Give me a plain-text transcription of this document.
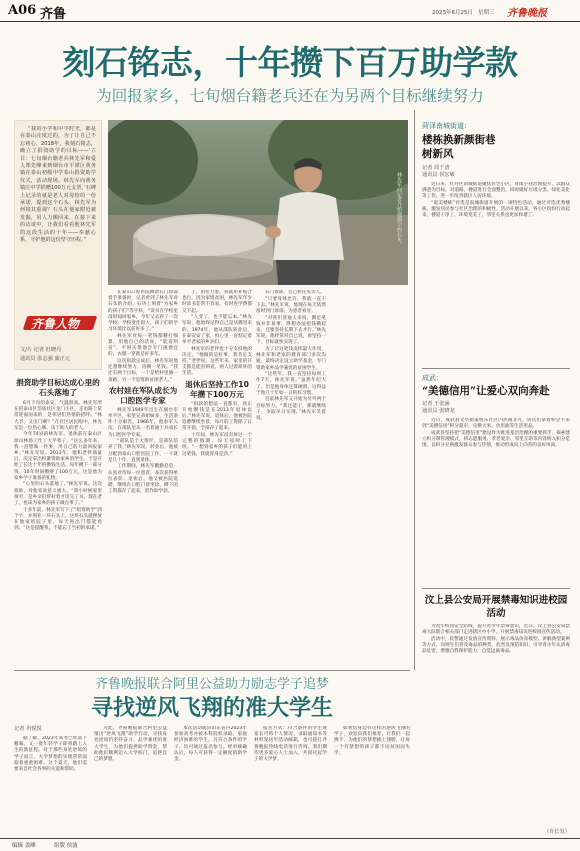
A06 齐鲁	2023年6月25日 星期三 齐鲁晚报
刻石铭志，十年攒下百万助学款
为回报家乡，七旬烟台籍老兵还在为另两个目标继续努力
“我的小学和中学时光，都是在泰山庄度过的，为了让自己不忘初心，2018年，我刻石铭志，确立了捐资助学的目标——‘立目：七旬烟台籍老兵林先军和爱人郑先峰来到烟台市平潭区黄务镇在泰山初级中学泰山捐资助学仪式，活动现场，林先军向黄务镇庄中学捐赠100万元支票。’石碑上记录的就是老人对母校的一份承诺，提到这个石头，林先军为何将其重视？石头在他家附近被发掘，用人力搬回来。在接下来的访谈中，让我们看看他林先军的这段生活的十年——奉献心系，守护他的这份坚守历程。”
齐鲁人物
文/片 记者 杜晓丹
通讯员 张志强 蒲正元
林先军向记者介绍他刻字的石头。
捐资助学目标达成心里的石头落地了

6月下旬的泰安，气温很高。林先军所在的泰山区岱庙社区龙门小区，走访路上常常迎面而来的，是邻居们热情的招呼。“林大爷，又出门啊？”在社区居民眼中，林先军是一位热心肠、乐于助人的老人。

今年74岁的林先军，退休前在泰山区原山林场工作了大半辈子。“这么多年来，我一直想做一件事，用自己的力量回报家乡。”林先军说。2013年，他和老伴商量后，决定拿出积蓄资助家乡的学生，于是开始了长达十年的攒钱生活。每年攒下一部分钱，10年时间攒够了100万元，这是他为家乡学子准备的礼物。

“心里的石头落地了。”林先军说。这次捐助，对他来说意义重大。“我小时候家里很穷，是乡亲们帮衬着才读完了书。现在老了，也该为家乡的孩子做点事了。”

十多年前，林先军写下了“捐资助学”四个字，并刻在一块石头上。这块石头就摆放在他家的院子里，每天进出门都能看到。“这是提醒我，不能忘了当初的承诺。”

在泰山口腔医院攒款石门诊部着手准备时，记者看到了林先军对石头的介绍，石块上刻着“为家乡的孩子们”等字样，“读书在学校里没时间回家乡，今年又去看了一次学校，学校变化很大，孩子们的学习环境比以前好多了。”

林先军对每一笔钱都精打细算，用他自己的话说，“能省则省”。平时买菜他会专门挑便宜的，衣服一穿就是好多年。

这次捐款完成后，林先军说他还想继续努力，再攒一笔钱。“我还有两个目标，一个是给村里修一条路，另一个是资助贫困老人。”

农村娃在军队成长为口腔医学专家

林先军1949年出生在烟台市牟平区，家里兄弟姐妹多，生活条件十分艰苦。1966年，他参军入伍，在部队里从一名普通士兵成长为口腔医学专家。

“部队是个大熔炉，是部队培养了我。”林先军说。转业后，他被分配到泰山口腔医院工作，一干就是几十年，直到退休。

工作期间，林先军勤勤恳恳，认真对待每一位患者，多次获得单位表彰。退休后，他又被医院返聘，继续在口腔门诊坐诊，攒下的工资都存了起来，留作助学款。

子，由往力参，我就用补贴合也行。因为家境贫困，林先军年少时读书非常不容易，有时连学费都交不起。

“人变了，也不能忘本。”林先军说，他始终记得自己是从哪里来的。1974年，他从部队转业后，在泰安安了家，但心里一直惦记着牟平老家的乡亲们。

林先军的老伴也十分支持他的决定。“他做的是好事，我肯定支持。”老伴说，这些年来，家里的开支都是能省则省，两人过着简朴的生活。

退休后坚持工作10年攒下100万元

“捐款的想法一直都有，真正开始攒钱是在2013年退休以后。”林先军说。退休后，他被医院返聘继续坐诊，每月的工资除了日常开销，全部存了起来。

十年间，林先军没有休过一个完整的假期，每天按时上下班。“一想到家乡的孩子们能用上这笔钱，我就浑身是劲。”

石门诊部，自己担任负责人。

“只要身体允许，我就一直干下去。”林先军说，他现在每天依然准时到门诊部，为患者看牙。

“对我们普通人来说，攒足笔钱并非易事，得想办法把钱攒起来，还要坚持长期下去才行。”林先军说，他经常对自己说，再坚持一下，目标就快实现了。

为了让这笔钱发挥最大作用，林先军和老家的教育部门多次沟通，最终决定设立助学基金，专门资助家乡品学兼优的贫困学生。

“这些年，我一直坚持每周工作7天，林先军说。”虽然年纪大了，但是他身体还算硬朗，这得益于他几十年如一日的好习惯。

目前林先军又开始为另外两个目标努力。“我还能干，那就继续干，争取早日实现。”林先军笑着说。

菏泽南城街道：
楼栋换新颜街巷树新风
记者 周千清
通讯员 侯宏敏

近日来，牡丹区南城街道聚焦住宅小区、背街小巷治理提升，以群众满意为目标，对道路、楼道进行全面整治，同时做好垃圾分类、绿化美化等工作，进一步改善辖区人居环境。

“最美楼栋”评选是南城街道开展的一项特色活动，通过评选优秀楼栋，激发居民参与社区治理的积极性。活动开展以来，各小区纷纷行动起来，楼道干净了，环境变美了，邻里关系也更加和谐了。

成武：
“美德信用”让爱心双向奔赴
记者 王张涵
通讯员 张晓龙

近日，成武县文亭街道恒东社区内热闹非凡，居民们拿着积分卡来到“美德信用”积分超市，兑换大米、食用油等生活用品。

成武县坚持把“美德信用”建设作为推进基层治理的重要抓手，探索建立积分制管理模式，将志愿服务、孝老爱亲、邻里互助等内容纳入积分范围，以积分兑换激发群众参与热情，推动形成向上向善的良好风尚。

汶上县公安局开展禁毒知识进校园活动

为筑牢校园安全防线，提升青少年禁毒意识，近日，汶上县公安局禁毒大队联合相关部门走进辖区中小学，开展禁毒知识进校园宣传活动。

活动中，民警通过发放宣传资料、展示毒品仿真模型、讲解典型案例等方式，向师生们普及毒品的种类、危害及预防知识，引导青少年认清毒品危害，增强自我保护能力，自觉远离毒品。

（许长发）
齐鲁晚报联合阿里公益助力励志学子追梦
寻找逆风飞翔的准大学生
记者 巩悦悦

据了解，2023年高考已经落下帷幕，又一批年轻学子即将踏上人生的新征程。对于那些身处逆境的学子而言，大学梦想的实现常常面临着重重困难。这个夏天，他们需要来自社会各界的关爱和帮助。

为此，齐鲁晚报联合阿里公益推出“逆风飞翔”助学行动，寻找身处逆境仍坚持奋斗、品学兼优的准大学生，为他们提供助学资金，帮助他们顺利迈入大学校门，追逐自己的梦想。

本次活动面向山东省内2023年参加高考并被本科院校录取、家庭经济困难的学生。凡符合条件的学子，均可通过报名参与。经审核确认后，每人可获得一定额度的助学金。

报名方式：符合条件的学生或家长可将个人情况、录取通知书等材料发送至活动邮箱，也可拨打齐鲁晚报热线电话进行咨询。我们期待更多爱心人士加入，共同托起学子的大学梦。

如果您身边有这样的逆风飞翔的学子，欢迎向我们推荐，让我们一起携手，为他们的梦想插上翅膀，让每一个有梦想的孩子都不因贫困而失学。

编辑 盖峰	组版 侯波
